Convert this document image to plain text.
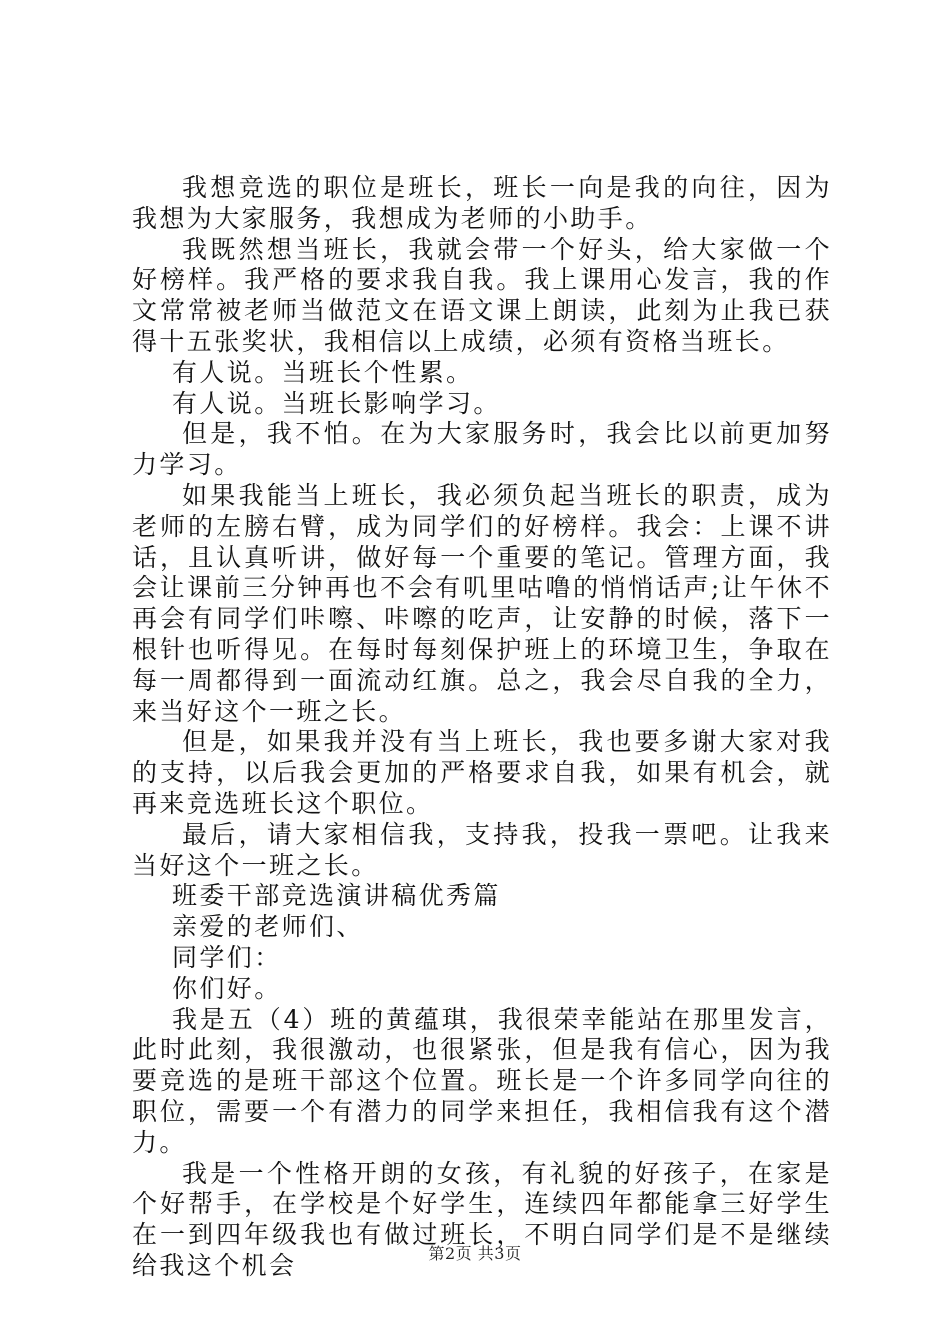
我想竞选的职位是班长，班长一向是我的向往，因为我想为大家服务，我想成为老师的小助手。

我既然想当班长，我就会带一个好头，给大家做一个好榜样。我严格的要求我自我。我上课用心发言，我的作文常常被老师当做范文在语文课上朗读，此刻为止我已获得十五张奖状，我相信以上成绩，必须有资格当班长。

有人说。当班长个性累。

有人说。当班长影响学习。

但是，我不怕。在为大家服务时，我会比以前更加努力学习。

如果我能当上班长，我必须负起当班长的职责，成为老师的左膀右臂，成为同学们的好榜样。我会：上课不讲话，且认真听讲，做好每一个重要的笔记。管理方面，我会让课前三分钟再也不会有叽里咕噜的悄悄话声;让午休不再会有同学们咔嚓、咔嚓的吃声，让安静的时候，落下一根针也听得见。在每时每刻保护班上的环境卫生，争取在每一周都得到一面流动红旗。总之，我会尽自我的全力，来当好这个一班之长。

但是，如果我并没有当上班长，我也要多谢大家对我的支持，以后我会更加的严格要求自我，如果有机会，就再来竞选班长这个职位。

最后，请大家相信我，支持我，投我一票吧。让我来当好这个一班之长。

班委干部竞选演讲稿优秀篇

亲爱的老师们、

同学们：

你们好。

我是五（4）班的黄蕴琪，我很荣幸能站在那里发言，此时此刻，我很激动，也很紧张，但是我有信心，因为我要竞选的是班干部这个位置。班长是一个许多同学向往的职位，需要一个有潜力的同学来担任，我相信我有这个潜力。

我是一个性格开朗的女孩，有礼貌的好孩子，在家是个好帮手，在学校是个好学生，连续四年都能拿三好学生在一到四年级我也有做过班长，不明白同学们是不是继续给我这个机会	第2页 共3页
